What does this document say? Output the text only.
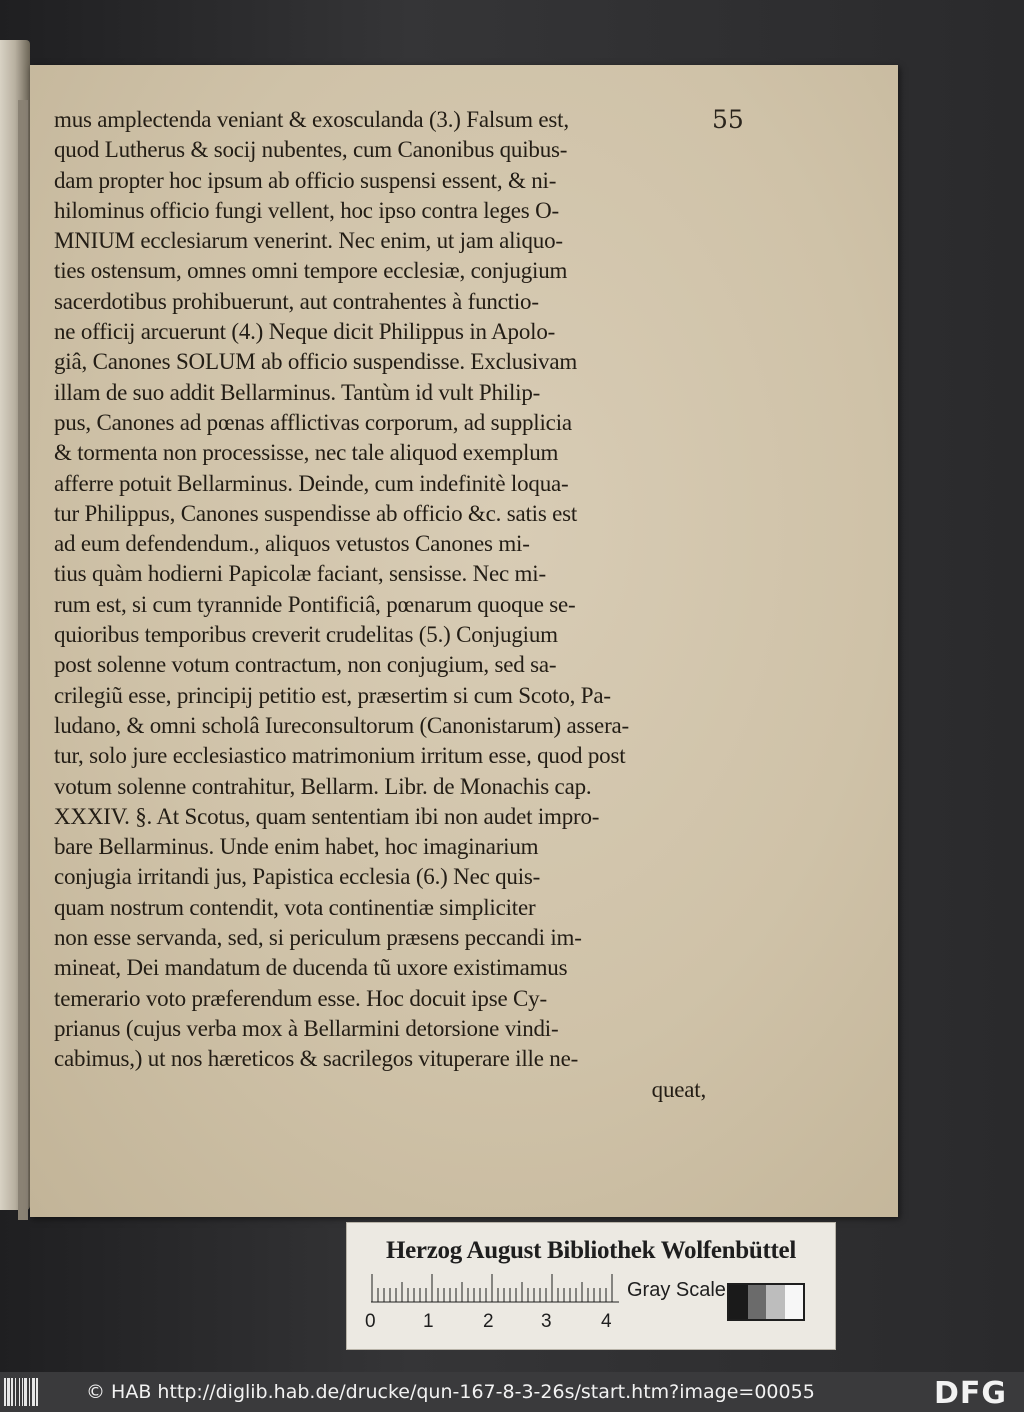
55
mus amplectenda veniant & exosculanda (3.) Falsum est,
quod Lutherus & socij nubentes, cum Canonibus quibus-
dam propter hoc ipsum ab officio suspensi essent, & ni-
hilominus officio fungi vellent, hoc ipso contra leges O-
MNIUM ecclesiarum venerint. Nec enim, ut jam aliquo-
ties ostensum, omnes omni tempore ecclesiæ, conjugium
sacerdotibus prohibuerunt, aut contrahentes à functio-
ne officij arcuerunt (4.) Neque dicit Philippus in Apolo-
giâ, Canones SOLUM ab officio suspendisse. Exclusivam
illam de suo addit Bellarminus. Tantùm id vult Philip-
pus, Canones ad pœnas afflictivas corporum, ad supplicia
& tormenta non processisse, nec tale aliquod exemplum
afferre potuit Bellarminus. Deinde, cum indefinitè loqua-
tur Philippus, Canones suspendisse ab officio &c. satis est
ad eum defendendum., aliquos vetustos Canones mi-
tius quàm hodierni Papicolæ faciant, sensisse. Nec mi-
rum est, si cum tyrannide Pontificiâ, pœnarum quoque se-
quioribus temporibus creverit crudelitas (5.) Conjugium
post solenne votum contractum, non conjugium, sed sa-
crilegiũ esse, principij petitio est, præsertim si cum Scoto, Pa-
ludano, & omni scholâ Iureconsultorum (Canonistarum) assera-
tur, solo jure ecclesiastico matrimonium irritum esse, quod post
votum solenne contrahitur, Bellarm. Libr. de Monachis cap.
XXXIV. §. At Scotus, quam sententiam ibi non audet impro-
bare Bellarminus. Unde enim habet, hoc imaginarium
conjugia irritandi jus, Papistica ecclesia (6.) Nec quis-
quam nostrum contendit, vota continentiæ simpliciter
non esse servanda, sed, si periculum præsens peccandi im-
mineat, Dei mandatum de ducenda tũ uxore existimamus
temerario voto præferendum esse. Hoc docuit ipse Cy-
prianus (cujus verba mox à Bellarmini detorsione vindi-
cabimus,) ut nos hæreticos & sacrilegos vituperare ille ne-
queat,
Herzog August Bibliothek Wolfenbüttel
0 1	2 3	4
Gray Scale
© HAB http://diglib.hab.de/drucke/qun-167-8-3-26s/start.htm?image=00055	DFG
